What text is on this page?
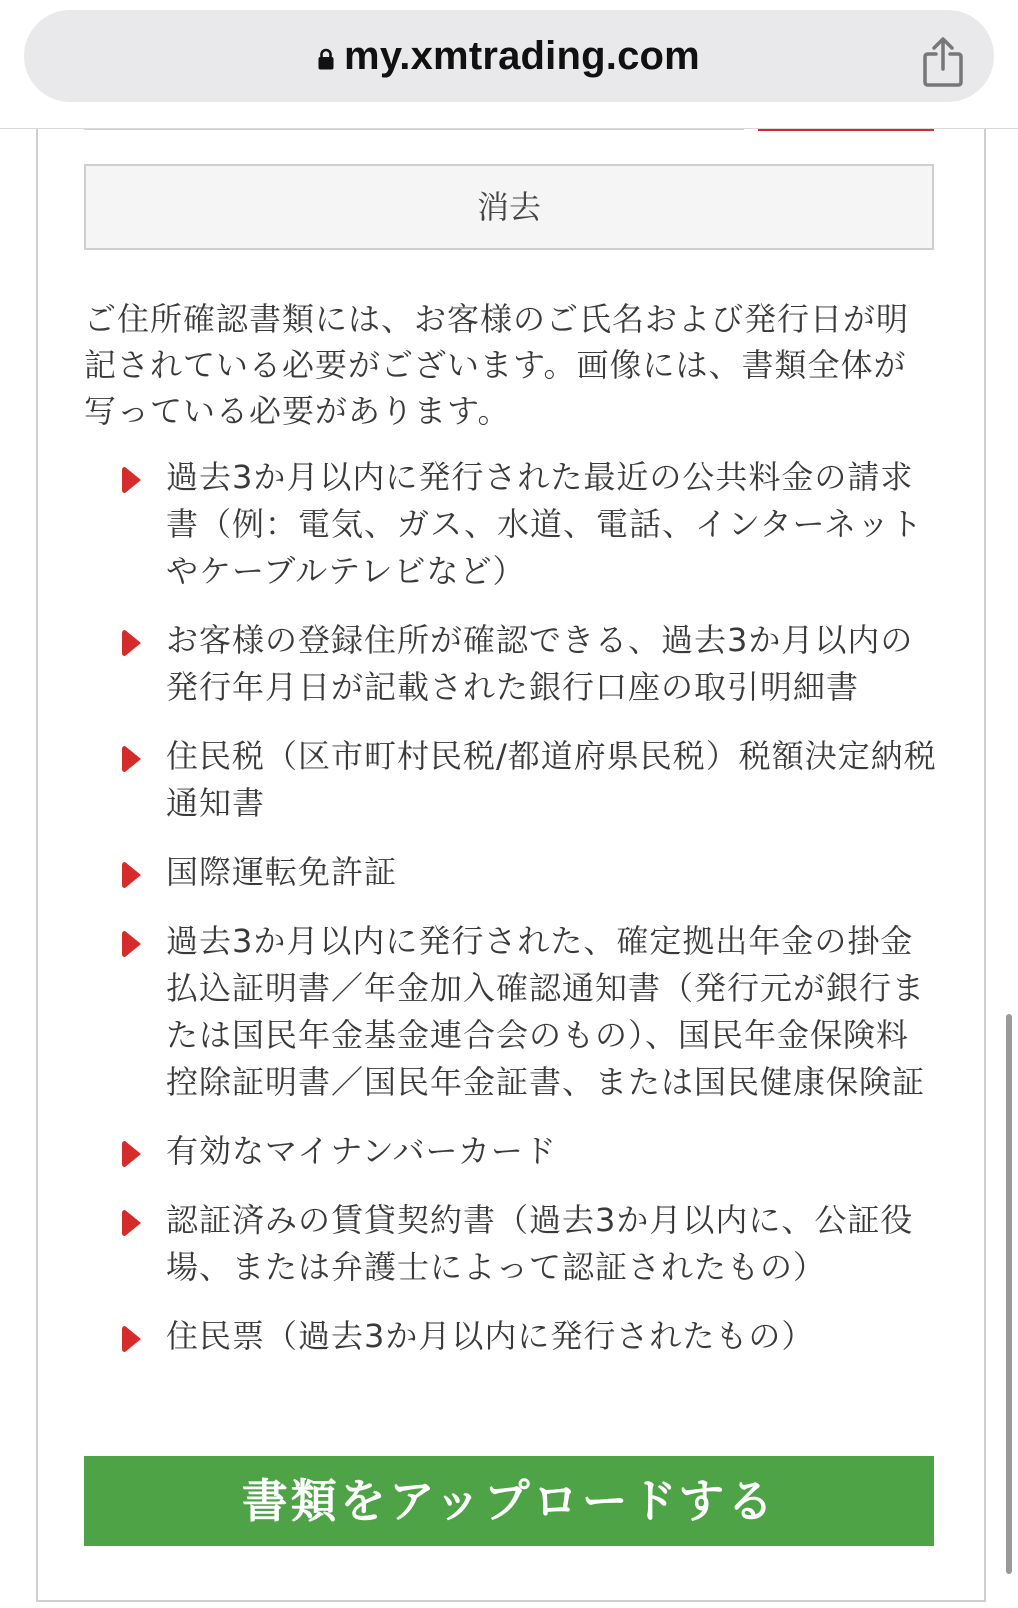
消去
ご住所確認書類には、お客様のご氏名および発行日が明記されている必要がございます。画像には、書類全体が写っている必要があります。
過去3か月以内に発行された最近の公共料金の請求書（例：電気、ガス、水道、電話、インターネットやケーブルテレビなど）
お客様の登録住所が確認できる、過去3か月以内の発行年月日が記載された銀行口座の取引明細書
住民税（区市町村民税/都道府県民税）税額決定納税通知書
国際運転免許証
過去3か月以内に発行された、確定拠出年金の掛金払込証明書／年金加入確認通知書（発行元が銀行または国民年金基金連合会のもの）、国民年金保険料控除証明書／国民年金証書、または国民健康保険証
有効なマイナンバーカード
認証済みの賃貸契約書（過去3か月以内に、公証役場、または弁護士によって認証されたもの）
住民票（過去3か月以内に発行されたもの）
書類をアップロードする
my.xmtrading.com
